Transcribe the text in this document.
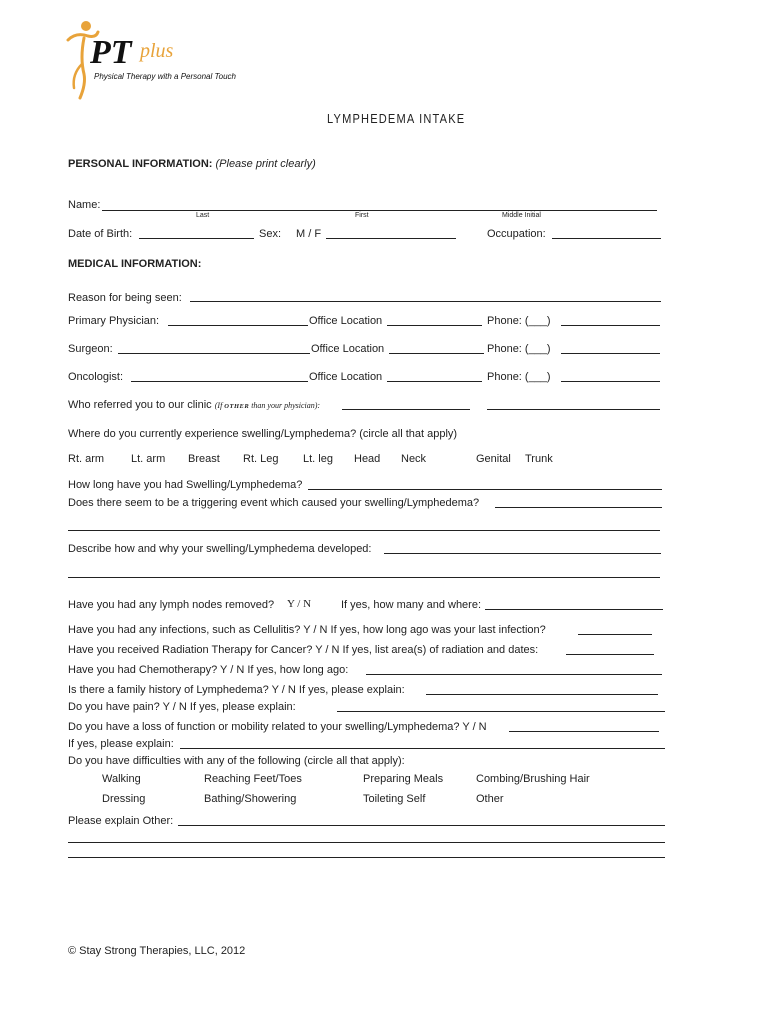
PT plus
Physical Therapy with a Personal Touch
LYMPHEDEMA INTAKE
PERSONAL INFORMATION: (Please print clearly)
Name:
Last	First	Middle Initial
Date of Birth:	Sex: M / F	Occupation:
MEDICAL INFORMATION:
Reason for being seen:
Primary Physician:	Office Location	Phone: (___)
Surgeon:	Office Location	Phone: (___)
Oncologist:	Office Location	Phone: (___)
Who referred you to our clinic (If OTHER than your physician):
Where do you currently experience swelling/Lymphedema? (circle all that apply)
Rt. arm Lt. arm Breast Rt. Leg Lt. leg Head Neck	Genital Trunk
How long have you had Swelling/Lymphedema?
Does there seem to be a triggering event which caused your swelling/Lymphedema?
Describe how and why your swelling/Lymphedema developed:
Have you had any lymph nodes removed? Y / N	If yes, how many and where:
Have you had any infections, such as Cellulitis? Y / N If yes, how long ago was your last infection?
Have you received Radiation Therapy for Cancer? Y / N If yes, list area(s) of radiation and dates:
Have you had Chemotherapy? Y / N If yes, how long ago:
Is there a family history of Lymphedema? Y / N If yes, please explain:
Do you have pain? Y / N If yes, please explain:
Do you have a loss of function or mobility related to your swelling/Lymphedema? Y / N
If yes, please explain:
Do you have difficulties with any of the following (circle all that apply):
Walking	Reaching Feet/Toes	Preparing Meals	Combing/Brushing Hair
Dressing	Bathing/Showering	Toileting Self	Other
Please explain Other:
© Stay Strong Therapies, LLC, 2012
